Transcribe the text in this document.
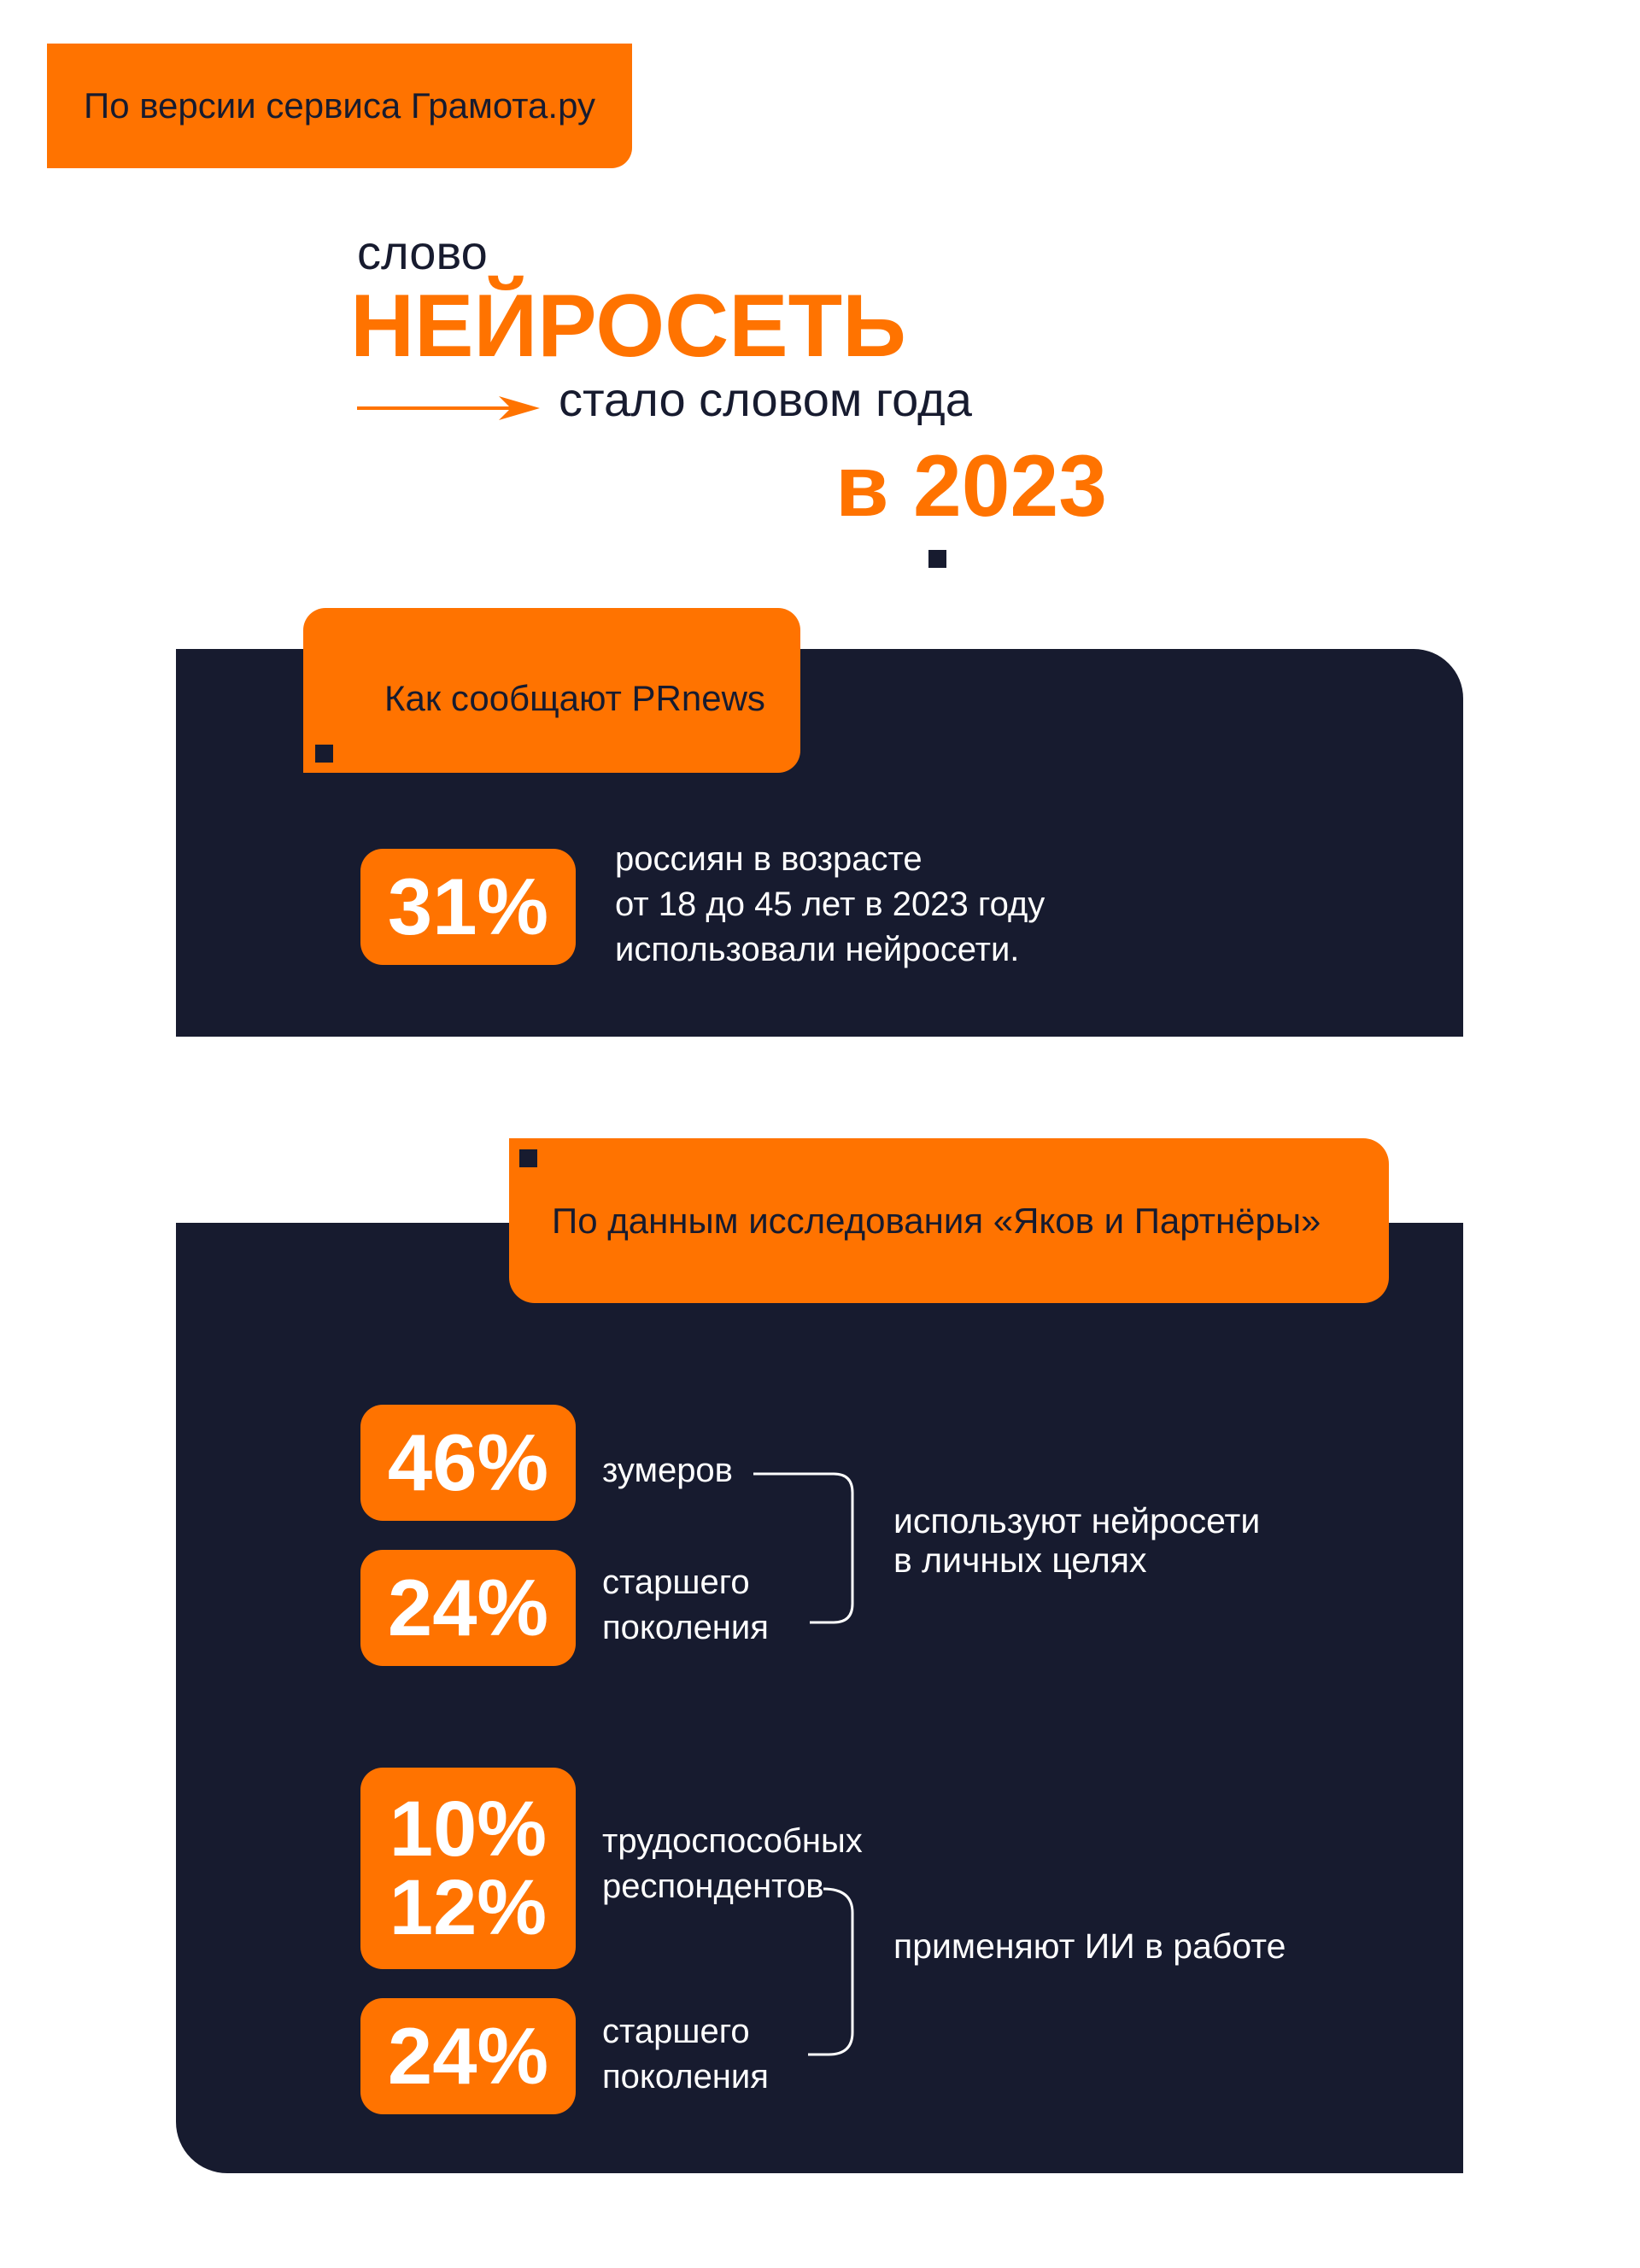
По версии сервиса Грамота.ру
слово
НЕЙРОСЕТЬ
стало словом года
в 2023
Как сообщают PRnews
31%
россиян в возрасте
от 18 до 45 лет в 2023 году
использовали нейросети.
По данным исследования «Яков и Партнёры»
46% зумеров
24% старшего
поколения
используют нейросети
в личных целях
10%
12%
трудоспособных
респондентов
24% старшего
поколения
применяют ИИ в работе
